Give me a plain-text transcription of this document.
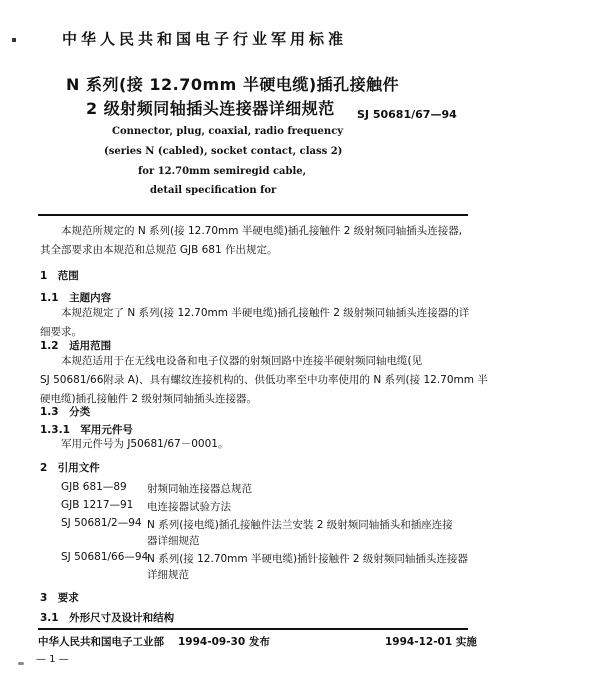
中华人民共和国电子行业军用标准
N 系列(接 12.70mm 半硬电缆)插孔接触件
2 级射频同轴插头连接器详细规范 SJ 50681/67—94
Connector, plug, coaxial, radio frequency
(series N (cabled), socket contact, class 2)
for 12.70mm semiregid cable,
detail specification for
本规范所规定的 N 系列(接 12.70mm 半硬电缆)插孔接触件 2 级射频同轴插头连接器,
其全部要求由本规范和总规范 GJB 681 作出规定。
1　范围
1.1　主题内容
本规范规定了 N 系列(接 12.70mm 半硬电缆)插孔接触件 2 级射频同轴插头连接器的详
细要求。
1.2　适用范围
本规范适用于在无线电设备和电子仪器的射频回路中连接半硬射频同轴电缆(见
SJ 50681/66附录 A)、具有螺纹连接机构的、供低功率至中功率使用的 N 系列(接 12.70mm 半
硬电缆)插孔接触件 2 级射频同轴插头连接器。
1.3　分类
1.3.1　军用元件号
军用元件号为 J50681/67－0001。
2　引用文件
GJB 681—89 射频同轴连接器总规范
GJB 1217—91 电连接器试验方法
SJ 50681/2—94 N 系列(接电缆)插孔接触件法兰安装 2 级射频同轴插头和插座连接
器详细规范
SJ 50681/66—94
N 系列(接 12.70mm 半硬电缆)插针接触件 2 级射频同轴插头连接器
详细规范
3　要求
3.1　外形尺寸及设计和结构
中华人民共和国电子工业部 1994-09-30 发布	1994-12-01 实施
— 1 —
